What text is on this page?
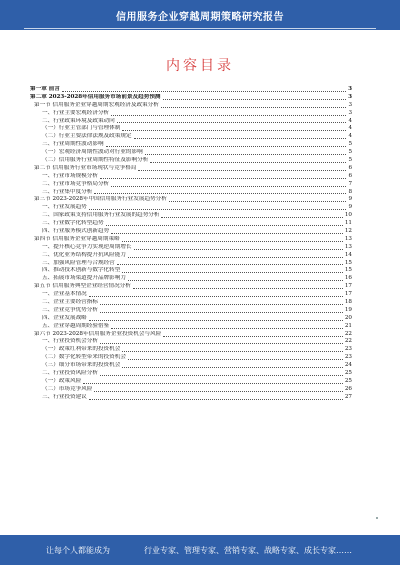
信用服务企业穿越周期策略研究报告
内容目录
第一章 前言	3
第二章 2023-2028年信用服务市场前景及趋势预测	3
第一节 信用服务企业穿越周期宏观经济及政策分析	3
一、行业主要宏观经济分析	3
二、行业政策环境及政策动向	4
（一）行业主管部门与管理体制	4
（二）行业主要法律法规及政策规定	4
三、行业周期性波动影响	5
（一）宏观经济周期性波动对行业的影响	5
（二）信用服务行业周期性特征及影响分析	5
第二节 信用服务行业市场现状与竞争格局	6
一、行业市场规模分析	6
二、行业市场竞争格局分析	7
三、行业集中度分析	8
第三节 2023-2028年中国信用服务行业发展趋势分析	9
一、行业发展趋势	9
二、国家政策支持信用服务行业发展的趋势分析	10
三、行业数字化转型趋势	11
四、行业服务模式创新趋势	12
第四节 信用服务企业穿越周期策略	13
一、提升核心竞争力实现逆周期增长	13
二、优化业务结构提升抗风险能力	14
三、加强风险管理与合规经营	15
四、推动技术创新与数字化转型	15
五、拓展市场渠道提升品牌影响力	16
第五节 信用服务典型企业经营情况分析	17
一、企业基本情况	17
二、企业主要经营指标	18
三、企业竞争优势分析	19
四、企业发展战略	20
五、企业穿越周期经验借鉴	21
第六节 2023-2028年信用服务企业投资机会与风险	22
一、行业投资机会分析	22
（一）政策红利带来的投资机会	23
（二）数字化转型带来的投资机会	23
（三）细分市场带来的投资机会	24
二、行业投资风险分析	25
（一）政策风险	25
（二）市场竞争风险	26
三、行业投资建议	27
让每个人都能成为	行业专家、管理专家、营销专家、战略专家、成长专家……
